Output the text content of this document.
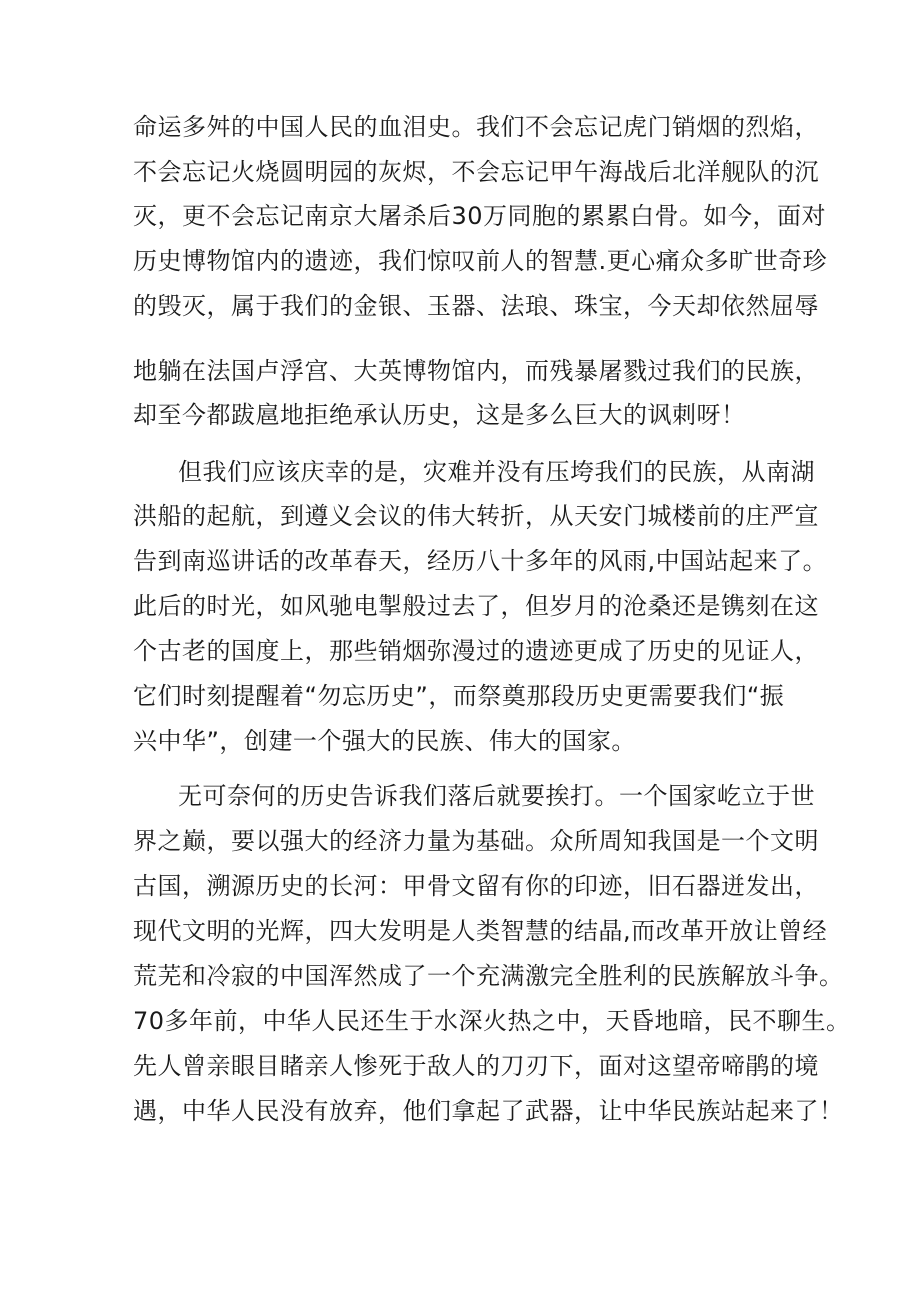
命运多舛的中国人民的血泪史。我们不会忘记虎门销烟的烈焰，
不会忘记火烧圆明园的灰烬，不会忘记甲午海战后北洋舰队的沉
灭，更不会忘记南京大屠杀后30万同胞的累累白骨。如今，面对
历史博物馆内的遗迹，我们惊叹前人的智慧.更心痛众多旷世奇珍
的毁灭，属于我们的金银、玉器、法琅、珠宝，今天却依然屈辱
地躺在法国卢浮宫、大英博物馆内，而残暴屠戮过我们的民族，
却至今都跋扈地拒绝承认历史，这是多么巨大的讽刺呀！
但我们应该庆幸的是，灾难并没有压垮我们的民族，从南湖
洪船的起航，到遵义会议的伟大转折，从天安门城楼前的庄严宣
告到南巡讲话的改革春天，经历八十多年的风雨,中国站起来了。
此后的时光，如风驰电掣般过去了，但岁月的沧桑还是镌刻在这
个古老的国度上，那些销烟弥漫过的遗迹更成了历史的见证人，
它们时刻提醒着“勿忘历史”，而祭奠那段历史更需要我们“振
兴中华”，创建一个强大的民族、伟大的国家。
无可奈何的历史告诉我们落后就要挨打。一个国家屹立于世
界之巅，要以强大的经济力量为基础。众所周知我国是一个文明
古国，溯源历史的长河：甲骨文留有你的印迹，旧石器迸发出，
现代文明的光辉，四大发明是人类智慧的结晶,而改革开放让曾经
荒芜和冷寂的中国浑然成了一个充满激完全胜利的民族解放斗争。
70多年前，中华人民还生于水深火热之中，天昏地暗，民不聊生。
先人曾亲眼目睹亲人惨死于敌人的刀刃下，面对这望帝啼鹃的境
遇，中华人民没有放弃，他们拿起了武器，让中华民族站起来了！
